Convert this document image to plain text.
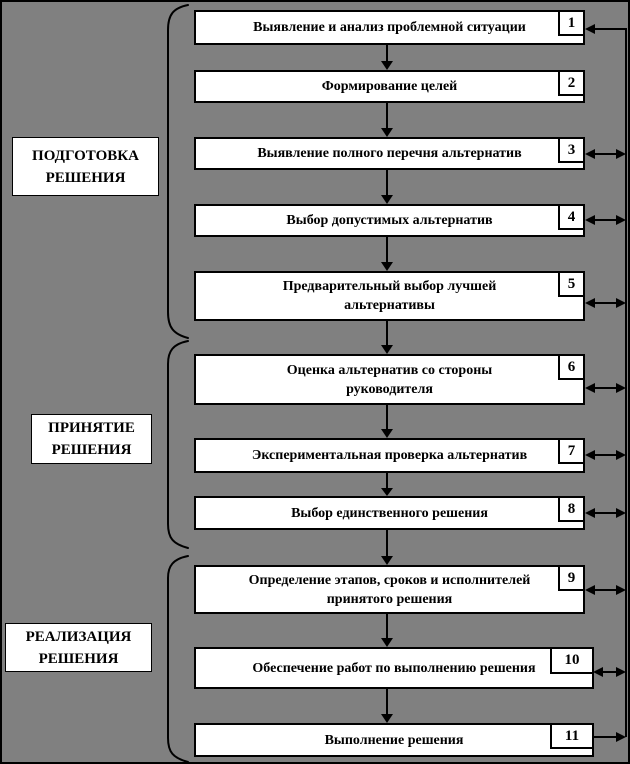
ПОДГОТОВКА РЕШЕНИЯ
ПРИНЯТИЕ РЕШЕНИЯ
РЕАЛИЗАЦИЯ РЕШЕНИЯ
Выявление и анализ проблемной ситуации	1
Формирование целей	2
Выявление полного перечня альтернатив	3
Выбор допустимых альтернатив	4
Предварительный выбор лучшей
альтернативы
5
Оценка альтернатив со стороны
руководителя
6
Экспериментальная проверка альтернатив	7
Выбор единственного решения	8
Определение этапов, сроков и исполнителей
принятого решения
9
Обеспечение работ по выполнению решения	10
Выполнение решения	11
